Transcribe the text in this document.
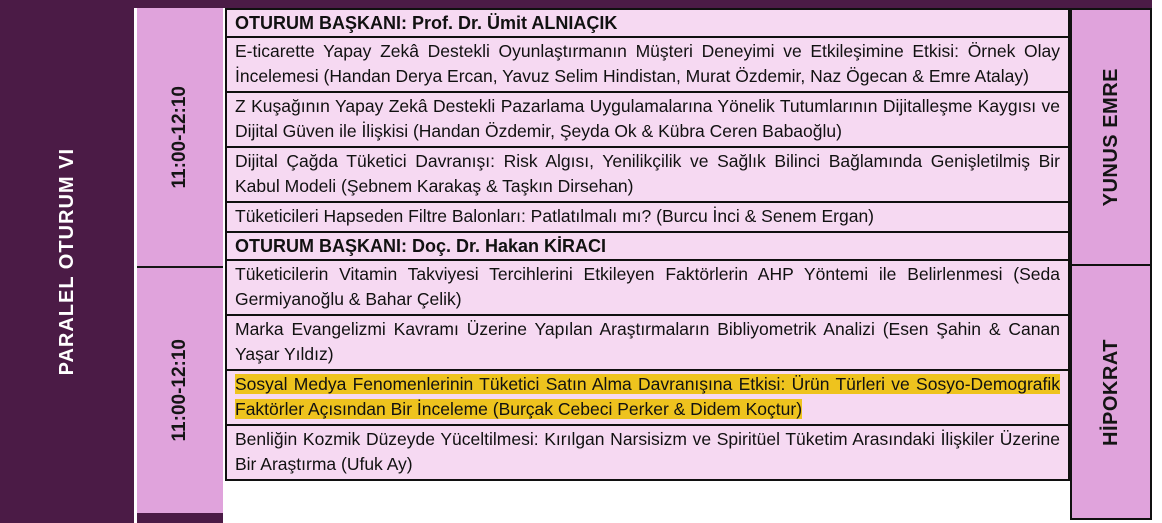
PARALEL OTURUM VI
11:00-12:10
11:00-12:10
OTURUM BAŞKANI: Prof. Dr. Ümit ALNIAÇIK
E-ticarette Yapay Zekâ Destekli Oyunlaştırmanın Müşteri Deneyimi ve Etkileşimine Etkisi: Örnek Olay İncelemesi (Handan Derya Ercan, Yavuz Selim Hindistan, Murat Özdemir, Naz Ögecan & Emre Atalay)
Z Kuşağının Yapay Zekâ Destekli Pazarlama Uygulamalarına Yönelik Tutumlarının Dijitalleşme Kaygısı ve Dijital Güven ile İlişkisi (Handan Özdemir, Şeyda Ok & Kübra Ceren Babaoğlu)
Dijital Çağda Tüketici Davranışı: Risk Algısı, Yenilikçilik ve Sağlık Bilinci Bağlamında Genişletilmiş Bir Kabul Modeli (Şebnem Karakaş & Taşkın Dirsehan)
Tüketicileri Hapseden Filtre Balonları: Patlatılmalı mı? (Burcu İnci & Senem Ergan)
OTURUM BAŞKANI: Doç. Dr. Hakan KİRACI
Tüketicilerin Vitamin Takviyesi Tercihlerini Etkileyen Faktörlerin AHP Yöntemi ile Belirlenmesi (Seda Germiyanoğlu & Bahar Çelik)
Marka Evangelizmi Kavramı Üzerine Yapılan Araştırmaların Bibliyometrik Analizi (Esen Şahin & Canan Yaşar Yıldız)
Sosyal Medya Fenomenlerinin Tüketici Satın Alma Davranışına Etkisi: Ürün Türleri ve Sosyo-Demografik Faktörler Açısından Bir İnceleme (Burçak Cebeci Perker & Didem Koçtur)
Benliğin Kozmik Düzeyde Yüceltilmesi: Kırılgan Narsisizm ve Spiritüel Tüketim Arasındaki İlişkiler Üzerine Bir Araştırma (Ufuk Ay)
YUNUS EMRE
HİPOKRAT
